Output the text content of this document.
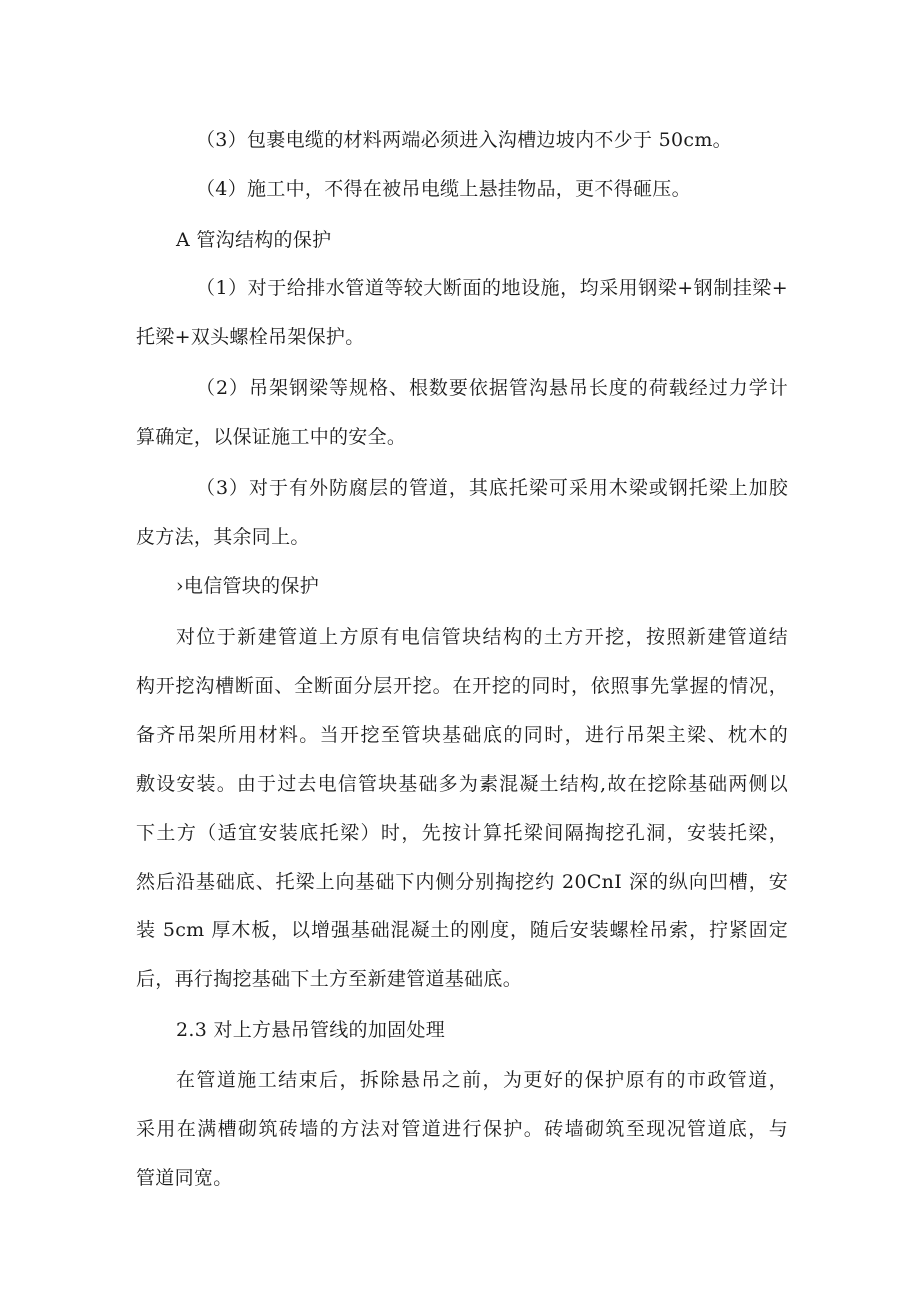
（3）包裹电缆的材料两端必须进入沟槽边坡内不少于 50cm。
（4）施工中，不得在被吊电缆上悬挂物品，更不得砸压。
A 管沟结构的保护
（1）对于给排水管道等较大断面的地设施，均采用钢梁+钢制挂梁+
托梁+双头螺栓吊架保护。
（2）吊架钢梁等规格、根数要依据管沟悬吊长度的荷载经过力学计
算确定，以保证施工中的安全。
（3）对于有外防腐层的管道，其底托梁可采用木梁或钢托梁上加胶
皮方法，其余同上。
›电信管块的保护
对位于新建管道上方原有电信管块结构的土方开挖，按照新建管道结
构开挖沟槽断面、全断面分层开挖。在开挖的同时，依照事先掌握的情况，
备齐吊架所用材料。当开挖至管块基础底的同时，进行吊架主梁、枕木的
敷设安装。由于过去电信管块基础多为素混凝土结构,故在挖除基础两侧以
下土方（适宜安装底托梁）时，先按计算托梁间隔掏挖孔洞，安装托梁，
然后沿基础底、托梁上向基础下内侧分别掏挖约 20CnI 深的纵向凹槽，安
装 5cm 厚木板，以增强基础混凝土的刚度，随后安装螺栓吊索，拧紧固定
后，再行掏挖基础下土方至新建管道基础底。
2.3 对上方悬吊管线的加固处理
在管道施工结束后，拆除悬吊之前，为更好的保护原有的市政管道，
采用在满槽砌筑砖墙的方法对管道进行保护。砖墙砌筑至现况管道底，与
管道同宽。
